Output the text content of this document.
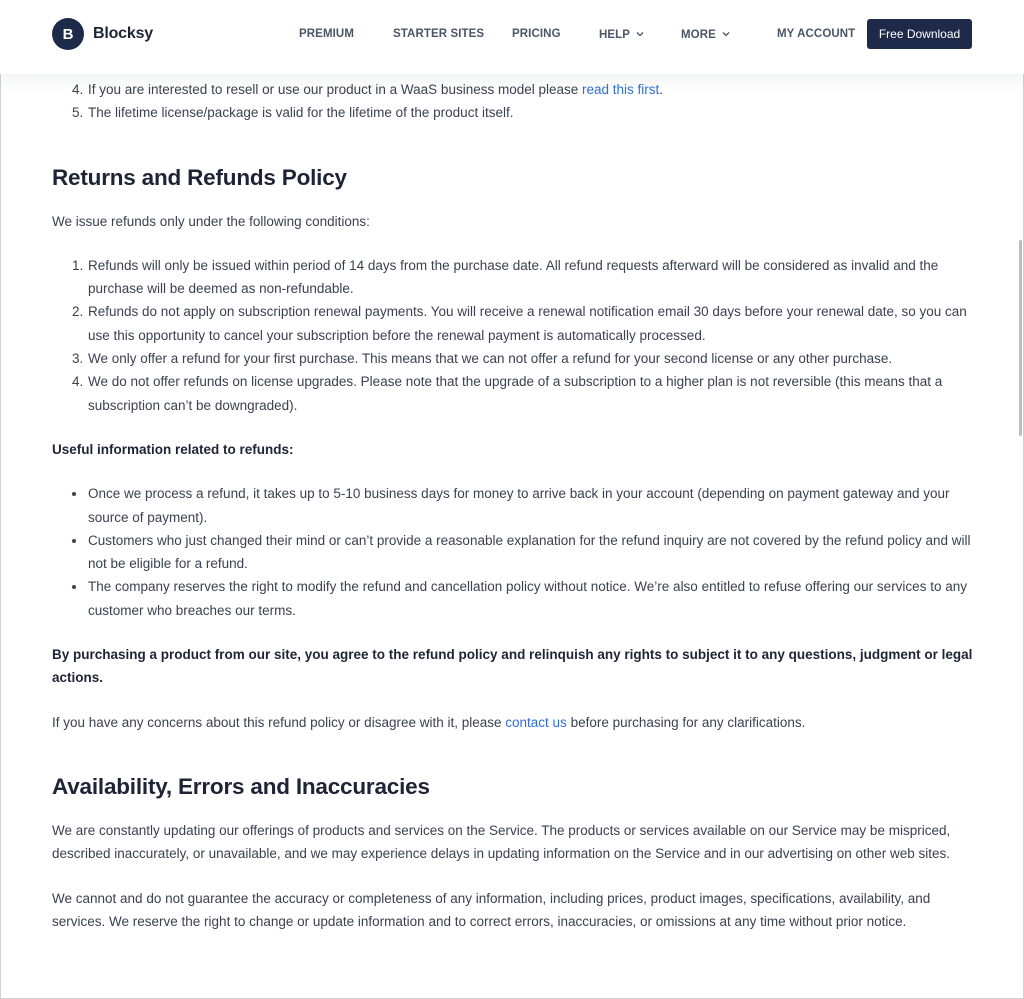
B Blocksy	PREMIUM	STARTER SITES PRICING	HELP	MORE	MY ACCOUNT	Free Download
4. If you are interested to resell or use our product in a WaaS business model please read this first.
5. The lifetime license/package is valid for the lifetime of the product itself.
Returns and Refunds Policy

We issue refunds only under the following conditions:

1. Refunds will only be issued within period of 14 days from the purchase date. All refund requests afterward will be considered as invalid and the purchase will be deemed as non-refundable.
2. Refunds do not apply on subscription renewal payments. You will receive a renewal notification email 30 days before your renewal date, so you can use this opportunity to cancel your subscription before the renewal payment is automatically processed.
3. We only offer a refund for your first purchase. This means that we can not offer a refund for your second license or any other purchase.
4. We do not offer refunds on license upgrades. Please note that the upgrade of a subscription to a higher plan is not reversible (this means that a subscription can’t be downgraded).

Useful information related to refunds:

• Once we process a refund, it takes up to 5-10 business days for money to arrive back in your account (depending on payment gateway and your source of payment).
• Customers who just changed their mind or can’t provide a reasonable explanation for the refund inquiry are not covered by the refund policy and will not be eligible for a refund.
• The company reserves the right to modify the refund and cancellation policy without notice. We’re also entitled to refuse offering our services to any customer who breaches our terms.

By purchasing a product from our site, you agree to the refund policy and relinquish any rights to subject it to any questions, judgment or legal actions.

If you have any concerns about this refund policy or disagree with it, please contact us before purchasing for any clarifications.

Availability, Errors and Inaccuracies

We are constantly updating our offerings of products and services on the Service. The products or services available on our Service may be mispriced, described inaccurately, or unavailable, and we may experience delays in updating information on the Service and in our advertising on other web sites.

We cannot and do not guarantee the accuracy or completeness of any information, including prices, product images, specifications, availability, and services. We reserve the right to change or update information and to correct errors, inaccuracies, or omissions at any time without prior notice.
